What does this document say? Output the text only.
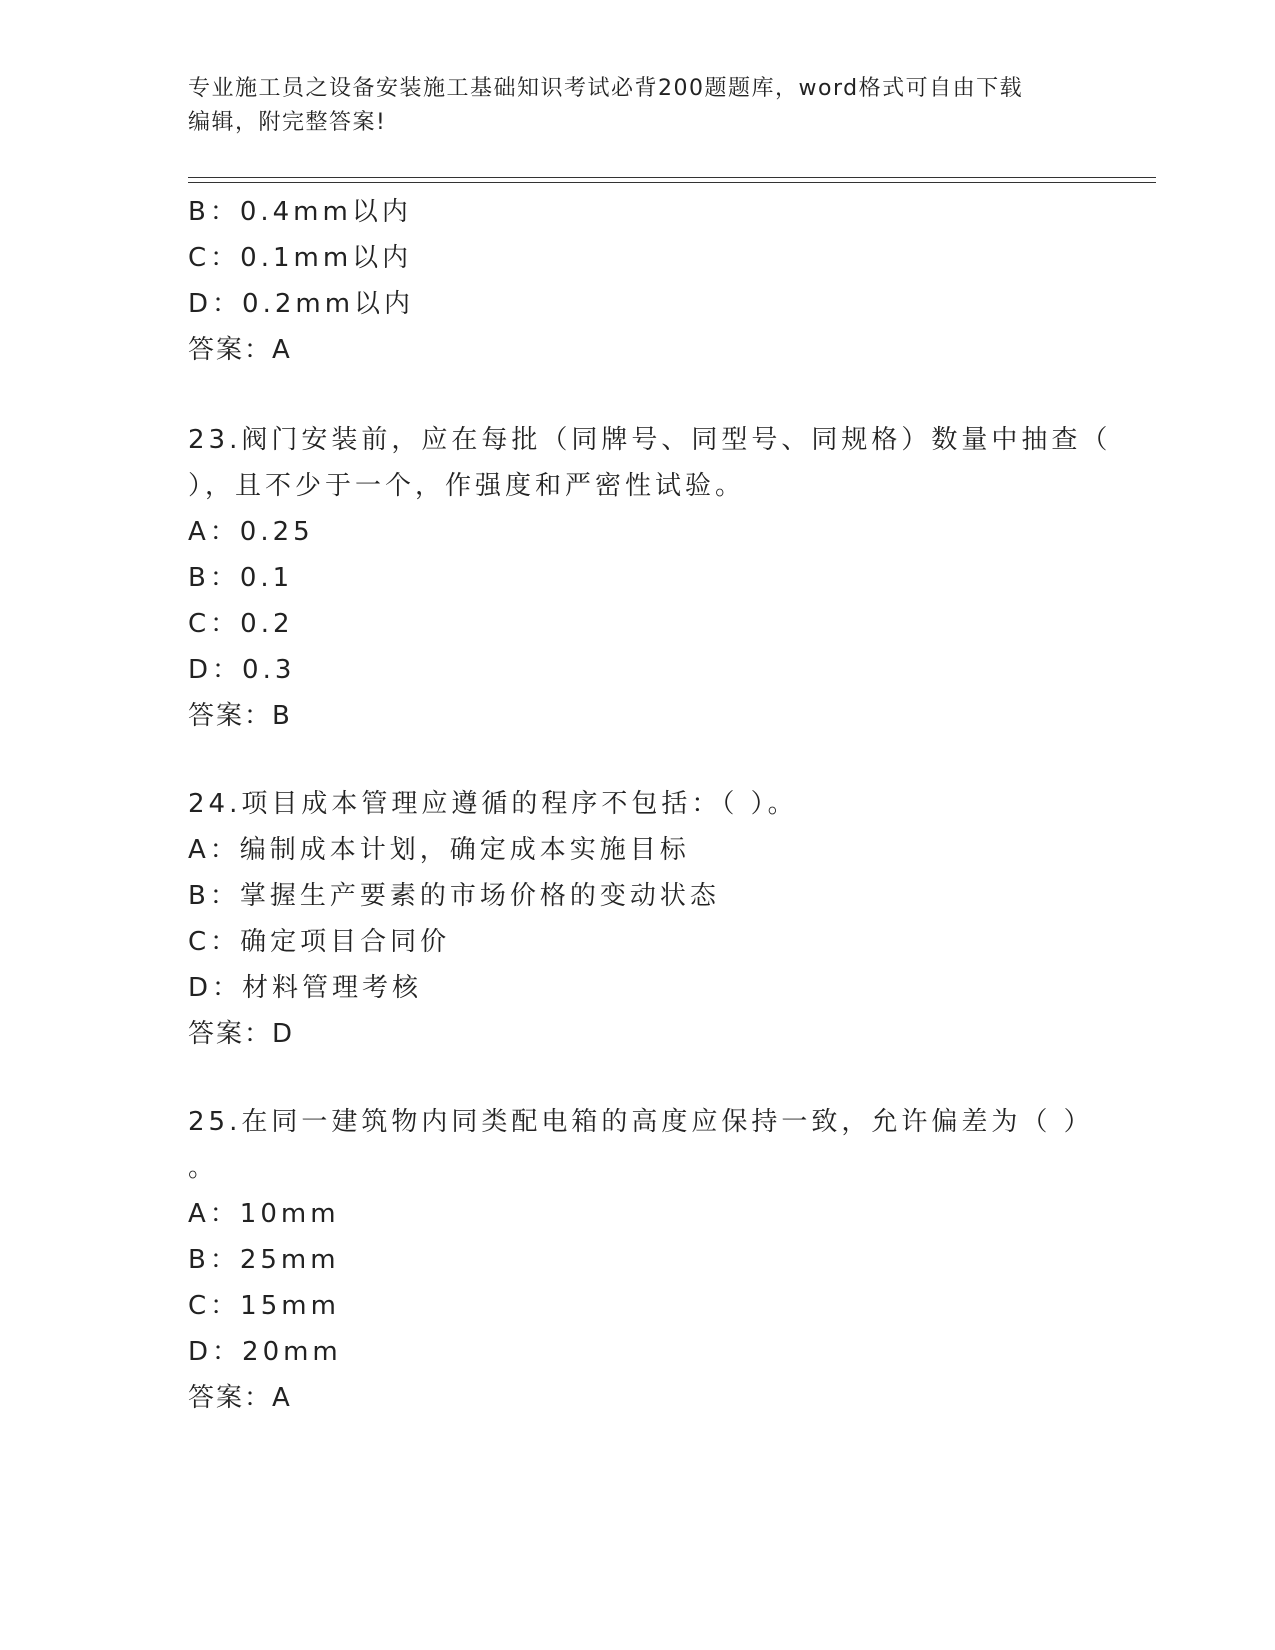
专业施工员之设备安装施工基础知识考试必背200题题库，word格式可自由下载
编辑，附完整答案!
B：0.4mm以内
C：0.1mm以内
D：0.2mm以内
答案：A
23.阀门安装前，应在每批（同牌号、同型号、同规格）数量中抽查（
），且不少于一个，作强度和严密性试验。
A：0.25
B：0.1
C：0.2
D：0.3
答案：B
24.项目成本管理应遵循的程序不包括：（ ）。
A：编制成本计划，确定成本实施目标
B：掌握生产要素的市场价格的变动状态
C：确定项目合同价
D：材料管理考核
答案：D
25.在同一建筑物内同类配电箱的高度应保持一致，允许偏差为（ ）
。
A：10mm
B：25mm
C：15mm
D：20mm
答案：A
